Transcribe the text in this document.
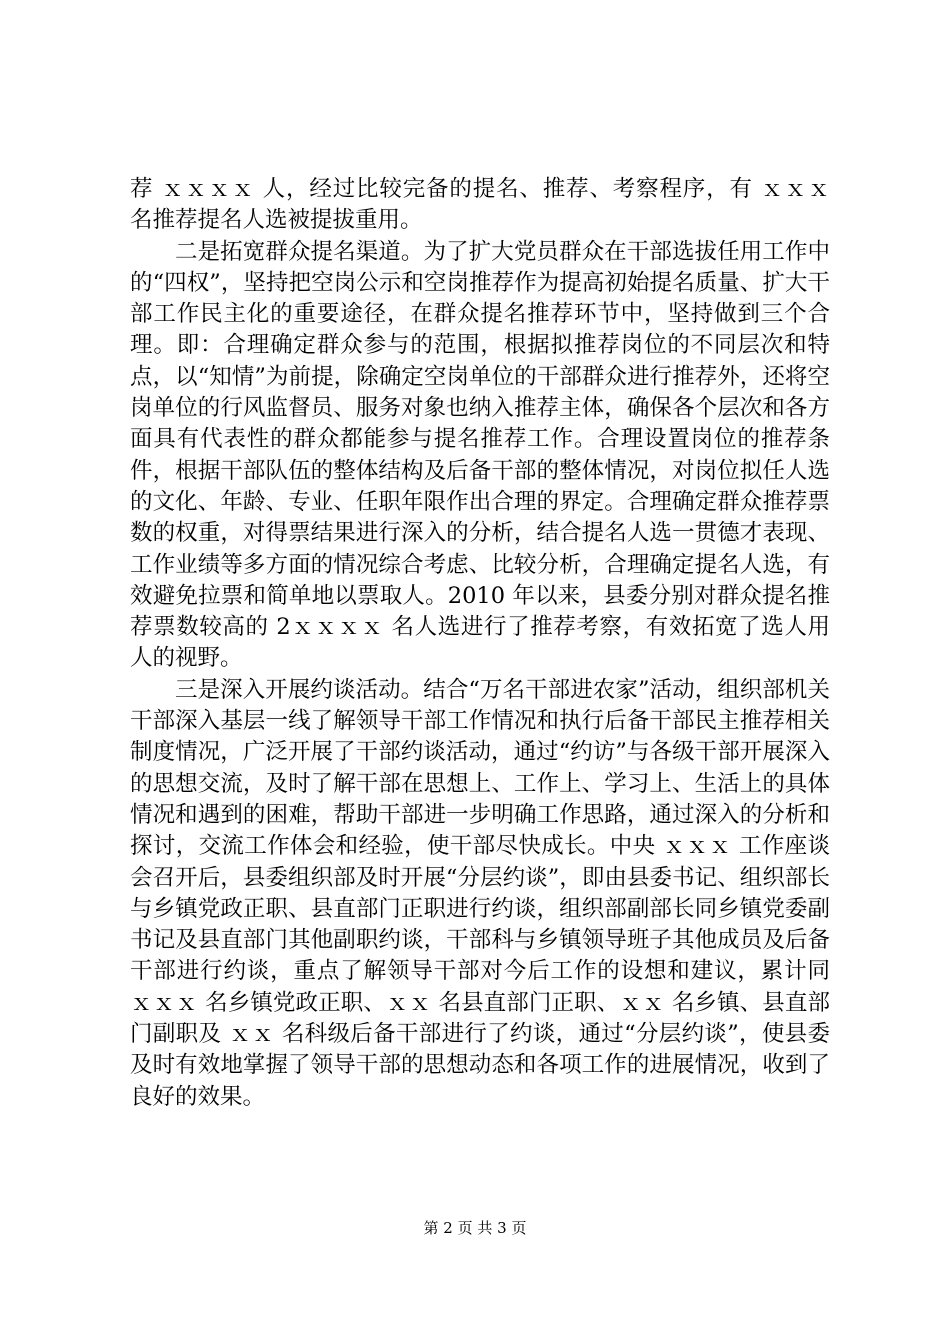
荐 ｘｘｘｘ 人，经过比较完备的提名、推荐、考察程序，有 ｘｘｘ 名推荐提名人选被提拔重用。

二是拓宽群众提名渠道。为了扩大党员群众在干部选拔任用工作中的“四权”，坚持把空岗公示和空岗推荐作为提高初始提名质量、扩大干部工作民主化的重要途径，在群众提名推荐环节中，坚持做到三个合理。即：合理确定群众参与的范围，根据拟推荐岗位的不同层次和特点，以“知情”为前提，除确定空岗单位的干部群众进行推荐外，还将空岗单位的行风监督员、服务对象也纳入推荐主体，确保各个层次和各方面具有代表性的群众都能参与提名推荐工作。合理设置岗位的推荐条件，根据干部队伍的整体结构及后备干部的整体情况，对岗位拟任人选的文化、年龄、专业、任职年限作出合理的界定。合理确定群众推荐票数的权重，对得票结果进行深入的分析，结合提名人选一贯德才表现、工作业绩等多方面的情况综合考虑、比较分析，合理确定提名人选，有效避免拉票和简单地以票取人。2010 年以来，县委分别对群众提名推荐票数较高的 2ｘｘｘｘ 名人选进行了推荐考察，有效拓宽了选人用人的视野。

三是深入开展约谈活动。结合“万名干部进农家”活动，组织部机关干部深入基层一线了解领导干部工作情况和执行后备干部民主推荐相关制度情况，广泛开展了干部约谈活动，通过“约访”与各级干部开展深入的思想交流，及时了解干部在思想上、工作上、学习上、生活上的具体情况和遇到的困难，帮助干部进一步明确工作思路，通过深入的分析和探讨，交流工作体会和经验，使干部尽快成长。中央 ｘｘｘ 工作座谈会召开后，县委组织部及时开展“分层约谈”，即由县委书记、组织部长与乡镇党政正职、县直部门正职进行约谈，组织部副部长同乡镇党委副书记及县直部门其他副职约谈，干部科与乡镇领导班子其他成员及后备干部进行约谈，重点了解领导干部对今后工作的设想和建议，累计同 ｘｘｘ 名乡镇党政正职、ｘｘ 名县直部门正职、ｘｘ 名乡镇、县直部门副职及 ｘｘ 名科级后备干部进行了约谈，通过“分层约谈”，使县委及时有效地掌握了领导干部的思想动态和各项工作的进展情况，收到了良好的效果。

第 2 页 共 3 页
